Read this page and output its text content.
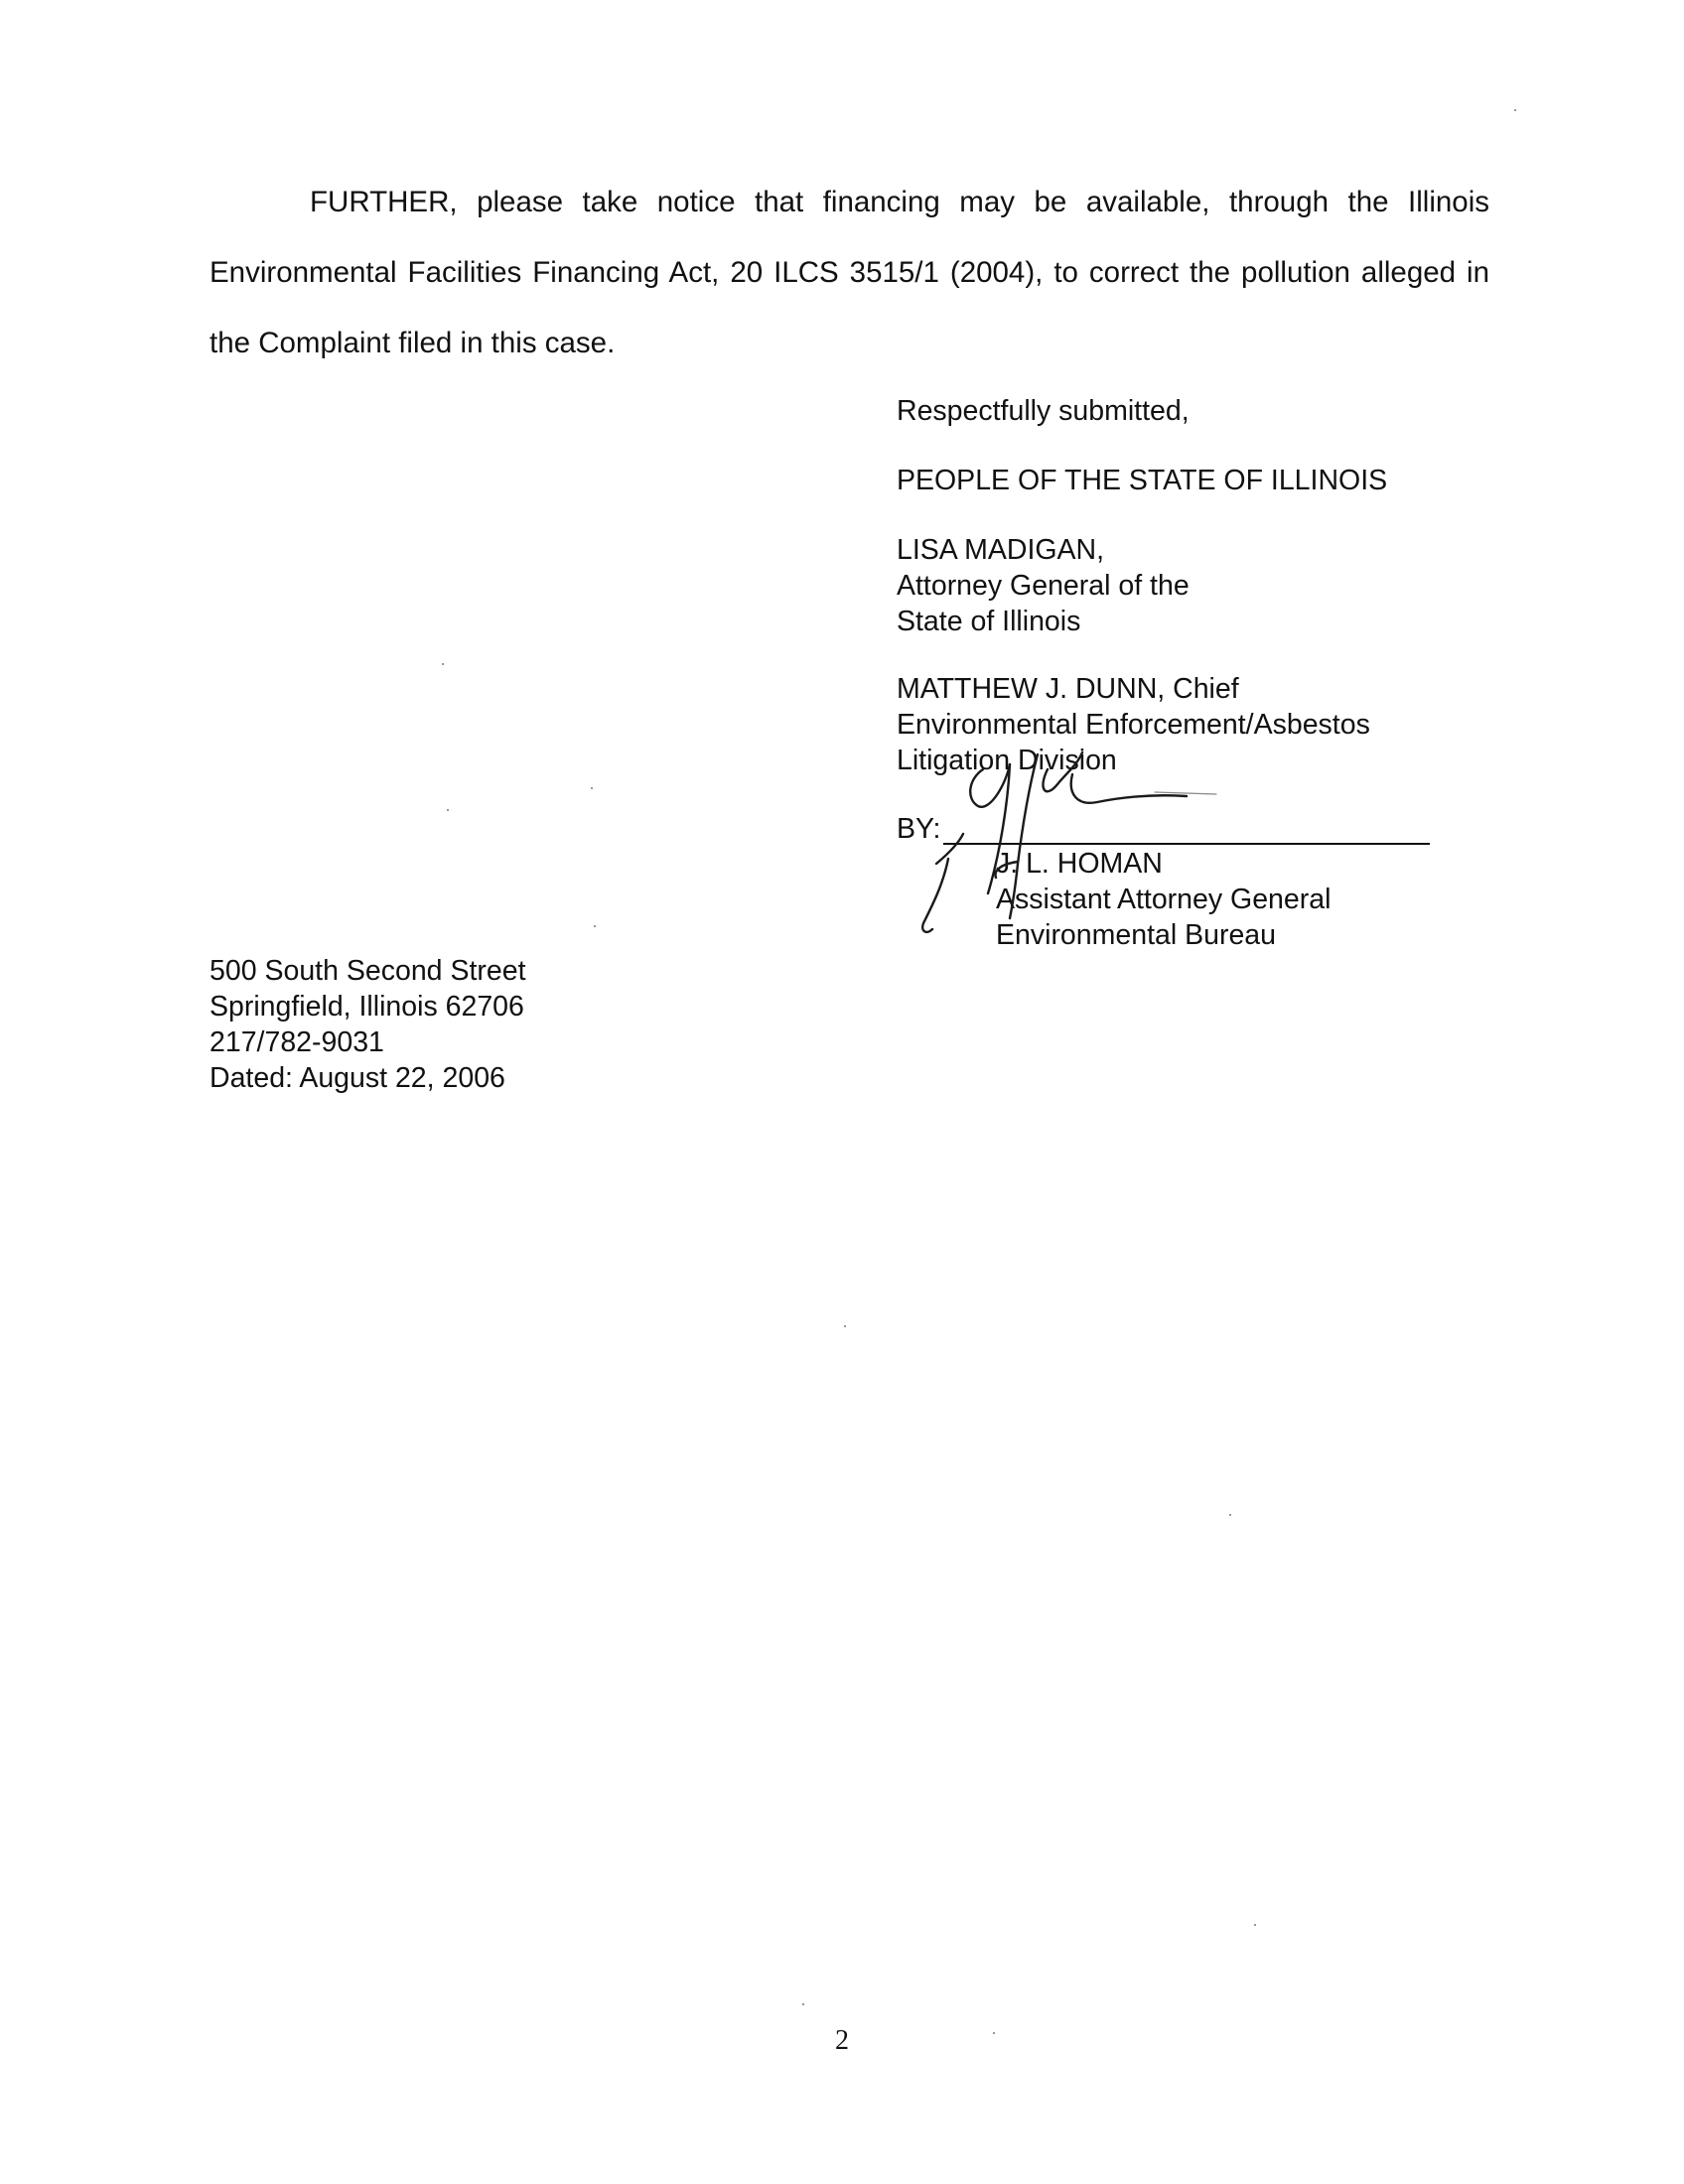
FURTHER, please take notice that financing may be available, through the Illinois Environmental Facilities Financing Act, 20 ILCS 3515/1 (2004), to correct the pollution alleged in the Complaint filed in this case.

Respectfully submitted,
PEOPLE OF THE STATE OF ILLINOIS
LISA MADIGAN,
Attorney General of the
State of Illinois
MATTHEW J. DUNN, Chief
Environmental Enforcement/Asbestos
Litigation Division
BY:
J. L. HOMAN
Assistant Attorney General
Environmental Bureau
500 South Second Street
Springfield, Illinois 62706
217/782-9031
Dated: August 22, 2006
2
